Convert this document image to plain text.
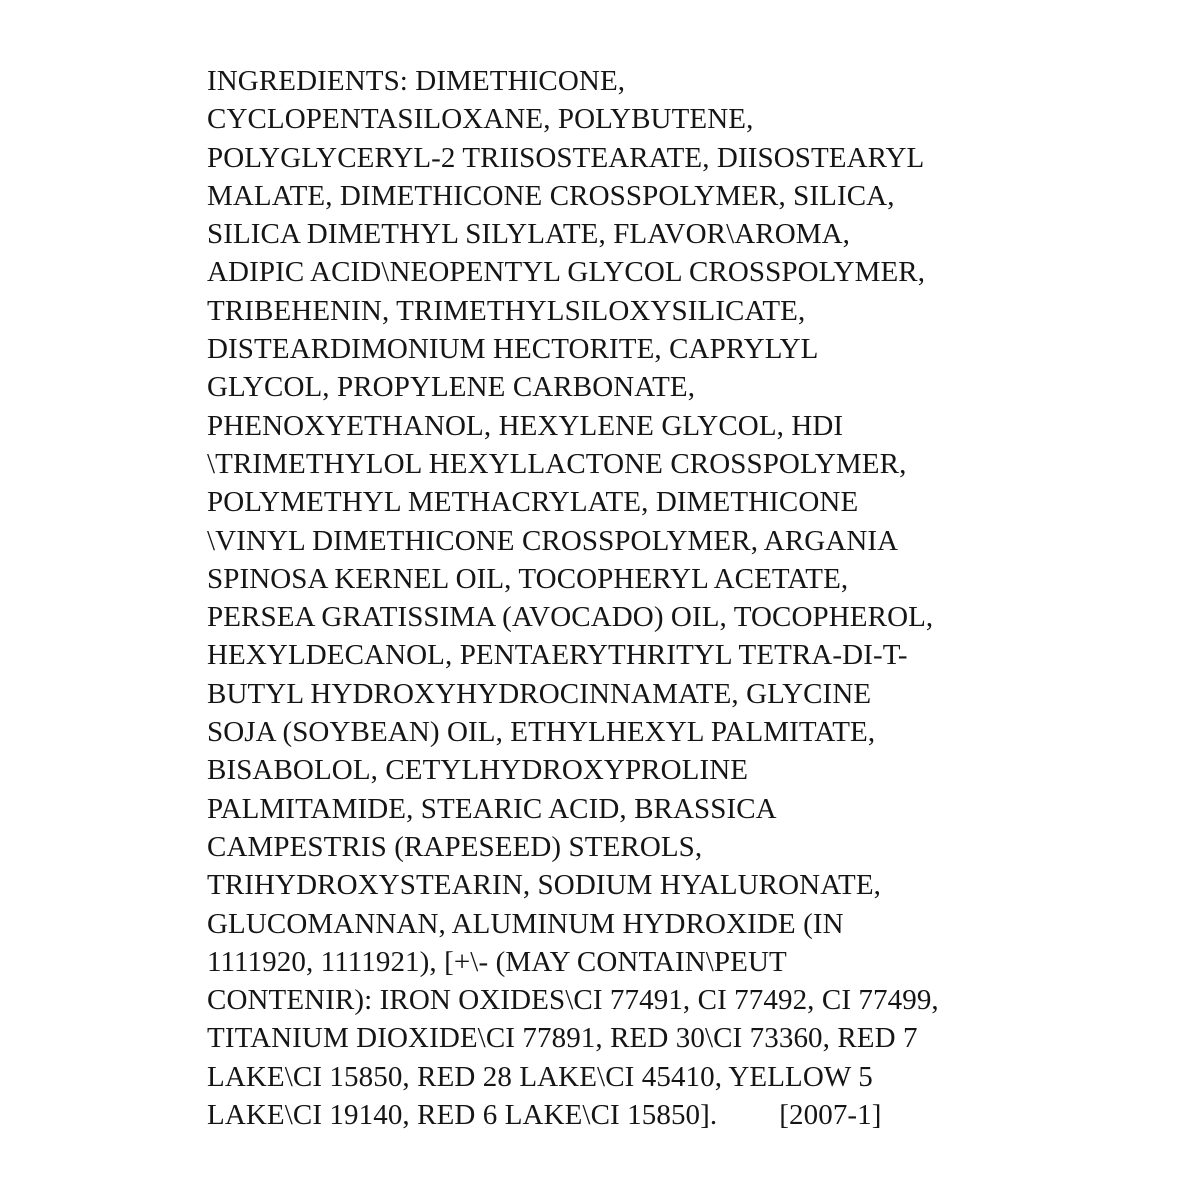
INGREDIENTS: DIMETHICONE,
CYCLOPENTASILOXANE, POLYBUTENE,
POLYGLYCERYL-2 TRIISOSTEARATE, DIISOSTEARYL
MALATE, DIMETHICONE CROSSPOLYMER, SILICA,
SILICA DIMETHYL SILYLATE, FLAVOR\AROMA,
ADIPIC ACID\NEOPENTYL GLYCOL CROSSPOLYMER,
TRIBEHENIN, TRIMETHYLSILOXYSILICATE,
DISTEARDIMONIUM HECTORITE, CAPRYLYL
GLYCOL, PROPYLENE CARBONATE,
PHENOXYETHANOL, HEXYLENE GLYCOL, HDI
\TRIMETHYLOL HEXYLLACTONE CROSSPOLYMER,
POLYMETHYL METHACRYLATE, DIMETHICONE
\VINYL DIMETHICONE CROSSPOLYMER, ARGANIA
SPINOSA KERNEL OIL, TOCOPHERYL ACETATE,
PERSEA GRATISSIMA (AVOCADO) OIL, TOCOPHEROL,
HEXYLDECANOL, PENTAERYTHRITYL TETRA-DI-T-
BUTYL HYDROXYHYDROCINNAMATE, GLYCINE
SOJA (SOYBEAN) OIL, ETHYLHEXYL PALMITATE,
BISABOLOL, CETYLHYDROXYPROLINE
PALMITAMIDE, STEARIC ACID, BRASSICA
CAMPESTRIS (RAPESEED) STEROLS,
TRIHYDROXYSTEARIN, SODIUM HYALURONATE,
GLUCOMANNAN, ALUMINUM HYDROXIDE (IN
1111920, 1111921), [+\- (MAY CONTAIN\PEUT
CONTENIR): IRON OXIDES\CI 77491, CI 77492, CI 77499,
TITANIUM DIOXIDE\CI 77891, RED 30\CI 73360, RED 7
LAKE\CI 15850, RED 28 LAKE\CI 45410, YELLOW 5
LAKE\CI 19140, RED 6 LAKE\CI 15850]. [2007-1]
